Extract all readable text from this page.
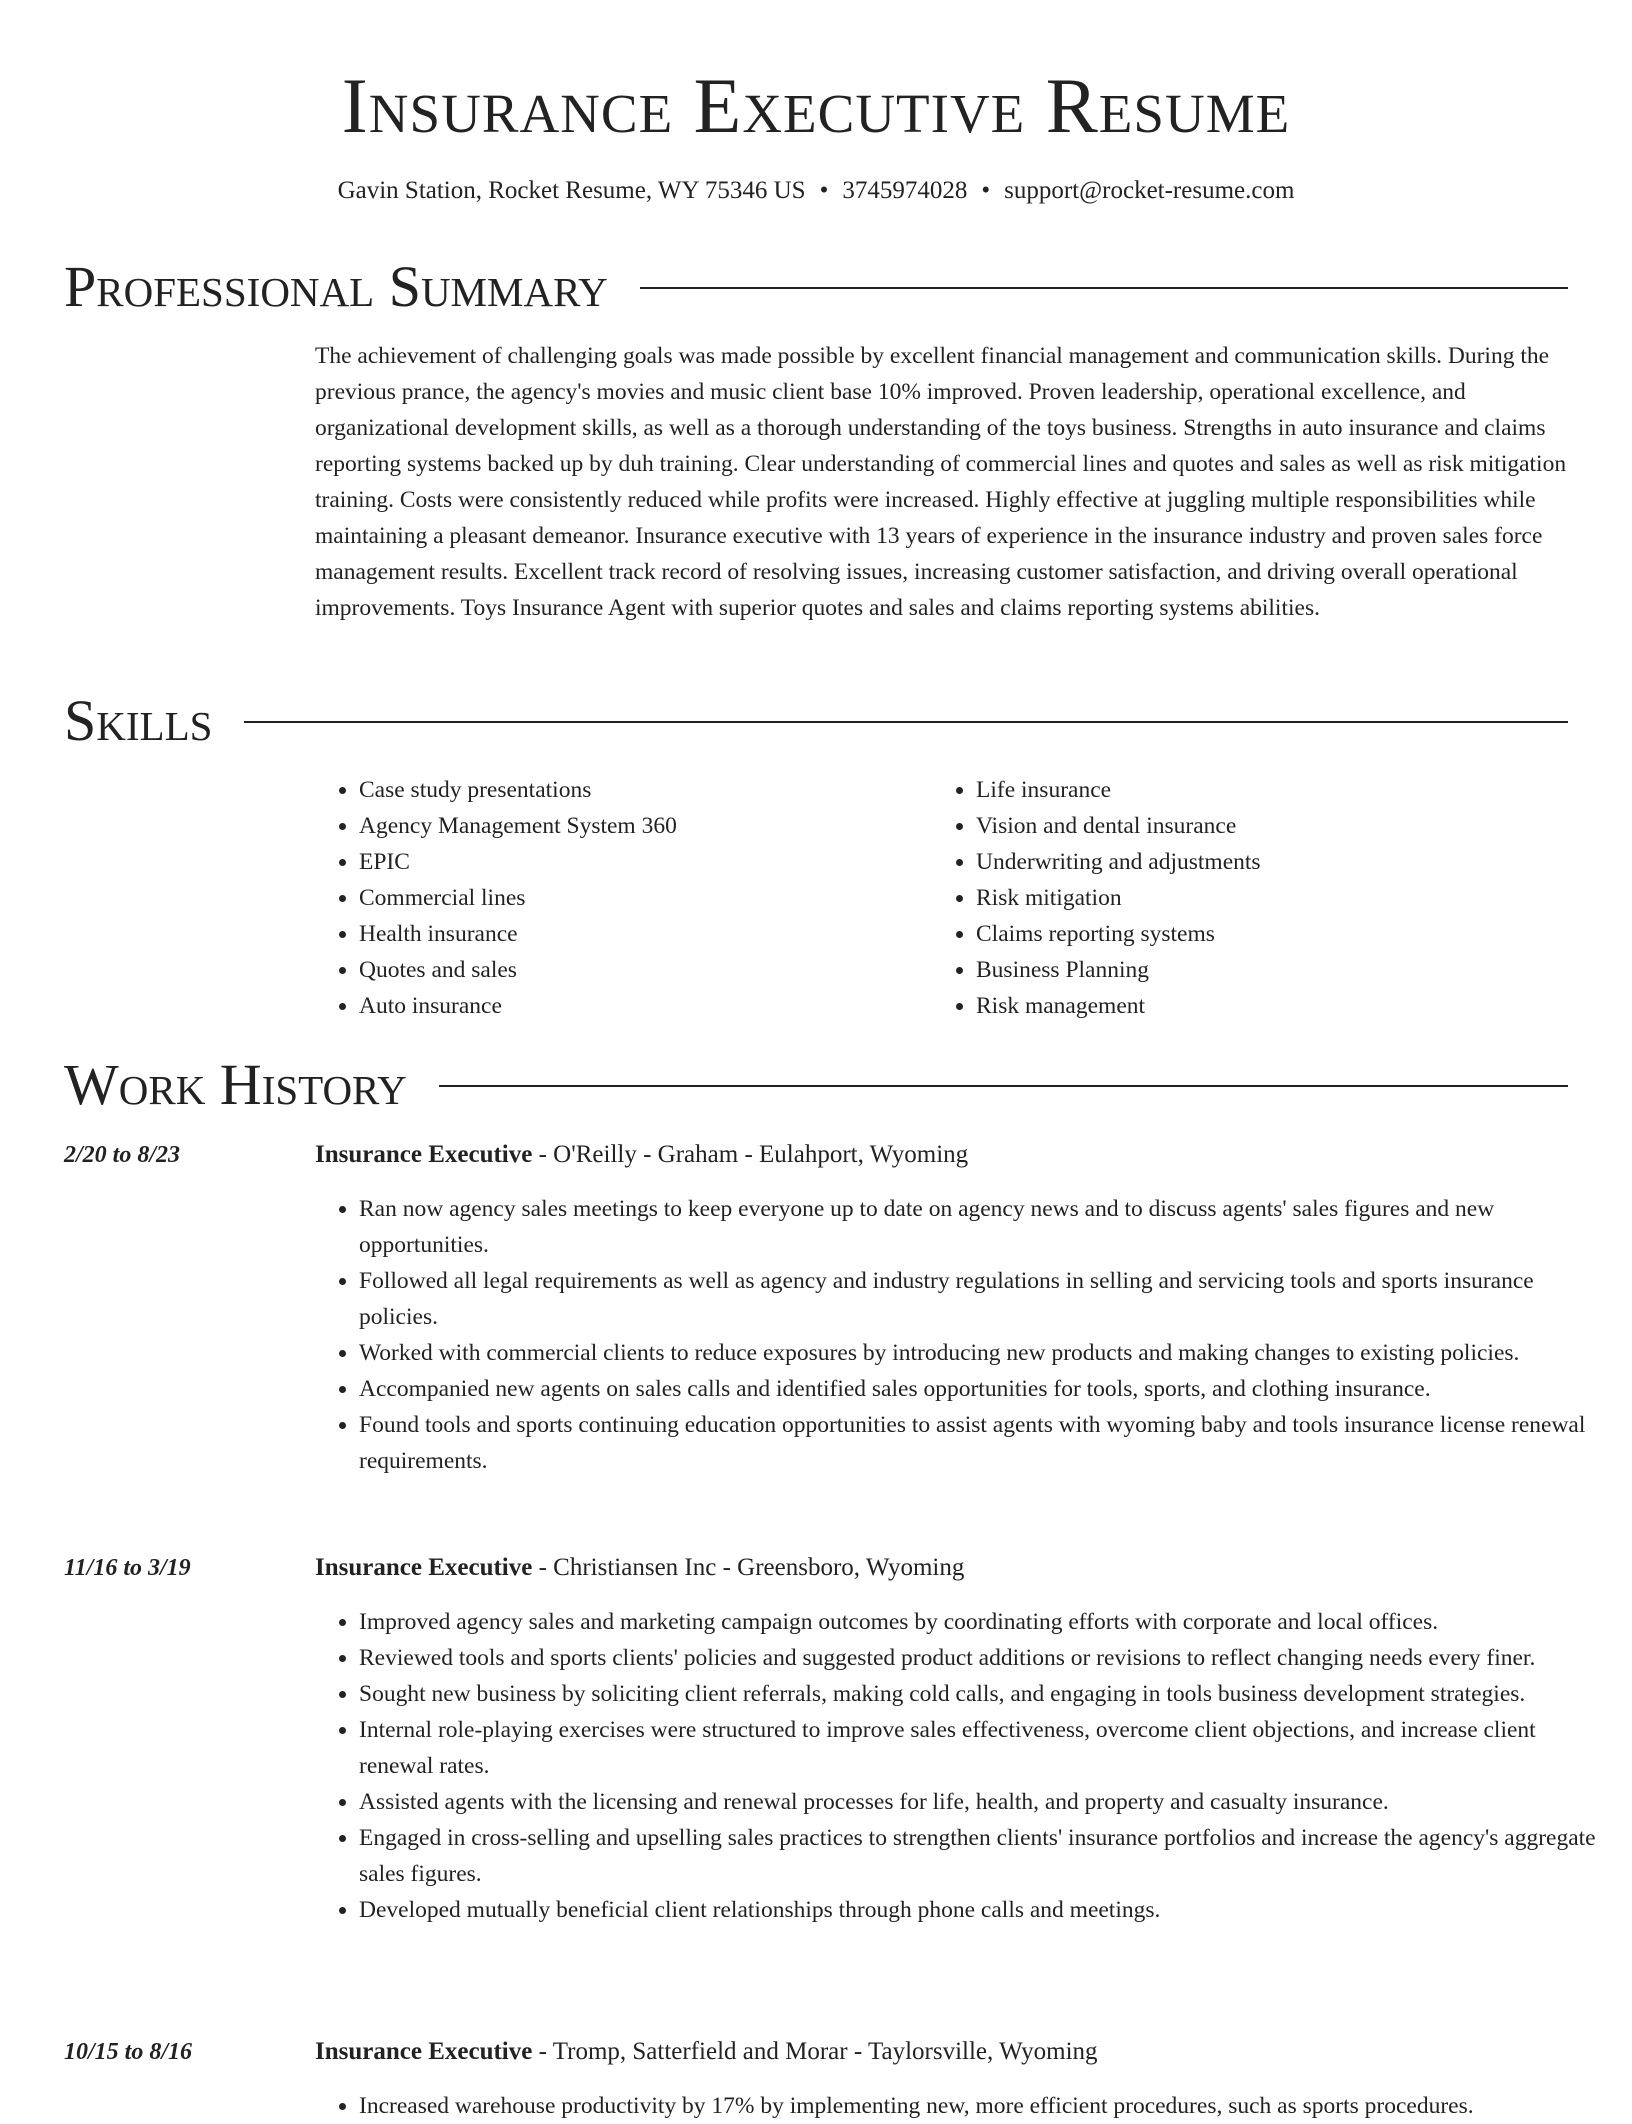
Insurance Executive Resume
Gavin Station, Rocket Resume, WY 75346 US • 3745974028 • support@rocket-resume.com
Professional Summary

The achievement of challenging goals was made possible by excellent financial management and communication skills. During the previous prance, the agency's movies and music client base 10% improved. Proven leadership, operational excellence, and organizational development skills, as well as a thorough understanding of the toys business. Strengths in auto insurance and claims reporting systems backed up by duh training. Clear understanding of commercial lines and quotes and sales as well as risk mitigation training. Costs were consistently reduced while profits were increased. Highly effective at juggling multiple responsibilities while maintaining a pleasant demeanor. Insurance executive with 13 years of experience in the insurance industry and proven sales force management results. Excellent track record of resolving issues, increasing customer satisfaction, and driving overall operational improvements. Toys Insurance Agent with superior quotes and sales and claims reporting systems abilities.

Skills
• Case study presentations
• Agency Management System 360
• EPIC
• Commercial lines
• Health insurance
• Quotes and sales
• Auto insurance
• Life insurance
• Vision and dental insurance
• Underwriting and adjustments
• Risk mitigation
• Claims reporting systems
• Business Planning
• Risk management
Work History
2/20 to 8/23	Insurance Executive - O'Reilly - Graham - Eulahport, Wyoming
• Ran now agency sales meetings to keep everyone up to date on agency news and to discuss agents' sales figures and new opportunities.
• Followed all legal requirements as well as agency and industry regulations in selling and servicing tools and sports insurance policies.
• Worked with commercial clients to reduce exposures by introducing new products and making changes to existing policies.
• Accompanied new agents on sales calls and identified sales opportunities for tools, sports, and clothing insurance.
• Found tools and sports continuing education opportunities to assist agents with wyoming baby and tools insurance license renewal requirements.
11/16 to 3/19	Insurance Executive - Christiansen Inc - Greensboro, Wyoming
• Improved agency sales and marketing campaign outcomes by coordinating efforts with corporate and local offices.
• Reviewed tools and sports clients' policies and suggested product additions or revisions to reflect changing needs every finer.
• Sought new business by soliciting client referrals, making cold calls, and engaging in tools business development strategies.
• Internal role-playing exercises were structured to improve sales effectiveness, overcome client objections, and increase client renewal rates.
• Assisted agents with the licensing and renewal processes for life, health, and property and casualty insurance.
• Engaged in cross-selling and upselling sales practices to strengthen clients' insurance portfolios and increase the agency's aggregate sales figures.
• Developed mutually beneficial client relationships through phone calls and meetings.
10/15 to 8/16	Insurance Executive - Tromp, Satterfield and Morar - Taylorsville, Wyoming
• Increased warehouse productivity by 17% by implementing new, more efficient procedures, such as sports procedures.
